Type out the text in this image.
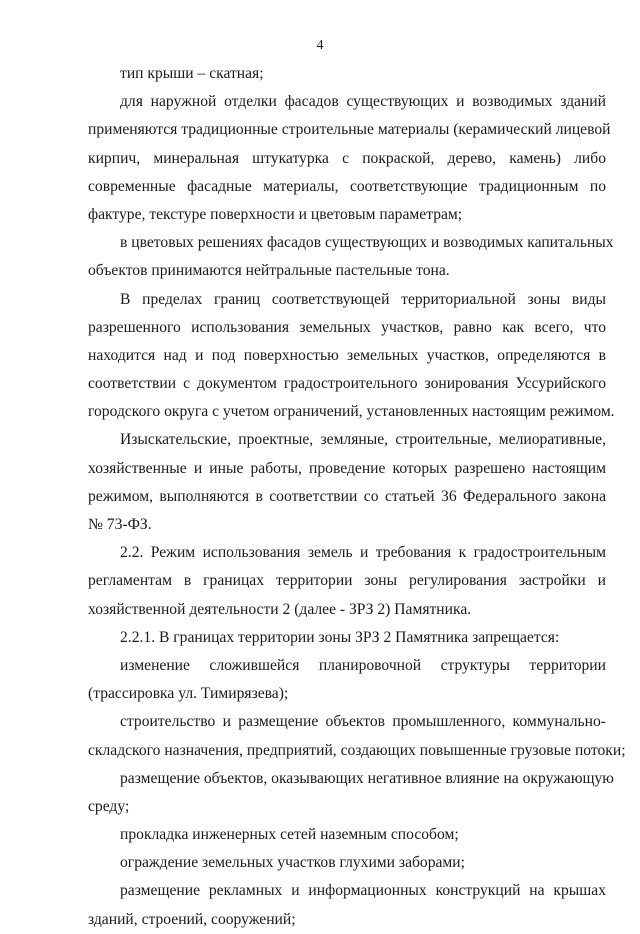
4
тип крыши – скатная;
для наружной отделки фасадов существующих и возводимых зданий
применяются традиционные строительные материалы (керамический лицевой
кирпич, минеральная штукатурка с покраской, дерево, камень) либо
современные фасадные материалы, соответствующие традиционным по
фактуре, текстуре поверхности и цветовым параметрам;
в цветовых решениях фасадов существующих и возводимых капитальных
объектов принимаются нейтральные пастельные тона.
В пределах границ соответствующей территориальной зоны виды
разрешенного использования земельных участков, равно как всего, что
находится над и под поверхностью земельных участков, определяются в
соответствии с документом градостроительного зонирования Уссурийского
городского округа с учетом ограничений, установленных настоящим режимом.
Изыскательские, проектные, земляные, строительные, мелиоративные,
хозяйственные и иные работы, проведение которых разрешено настоящим
режимом, выполняются в соответствии со статьей 36 Федерального закона
№ 73-ФЗ.
2.2. Режим использования земель и требования к градостроительным
регламентам в границах территории зоны регулирования застройки и
хозяйственной деятельности 2 (далее - ЗРЗ 2) Памятника.
2.2.1. В границах территории зоны ЗРЗ 2 Памятника запрещается:
изменение сложившейся планировочной структуры территории
(трассировка ул. Тимирязева);
строительство и размещение объектов промышленного, коммунально-
складского назначения, предприятий, создающих повышенные грузовые потоки;
размещение объектов, оказывающих негативное влияние на окружающую
среду;
прокладка инженерных сетей наземным способом;
ограждение земельных участков глухими заборами;
размещение рекламных и информационных конструкций на крышах
зданий, строений, сооружений;
